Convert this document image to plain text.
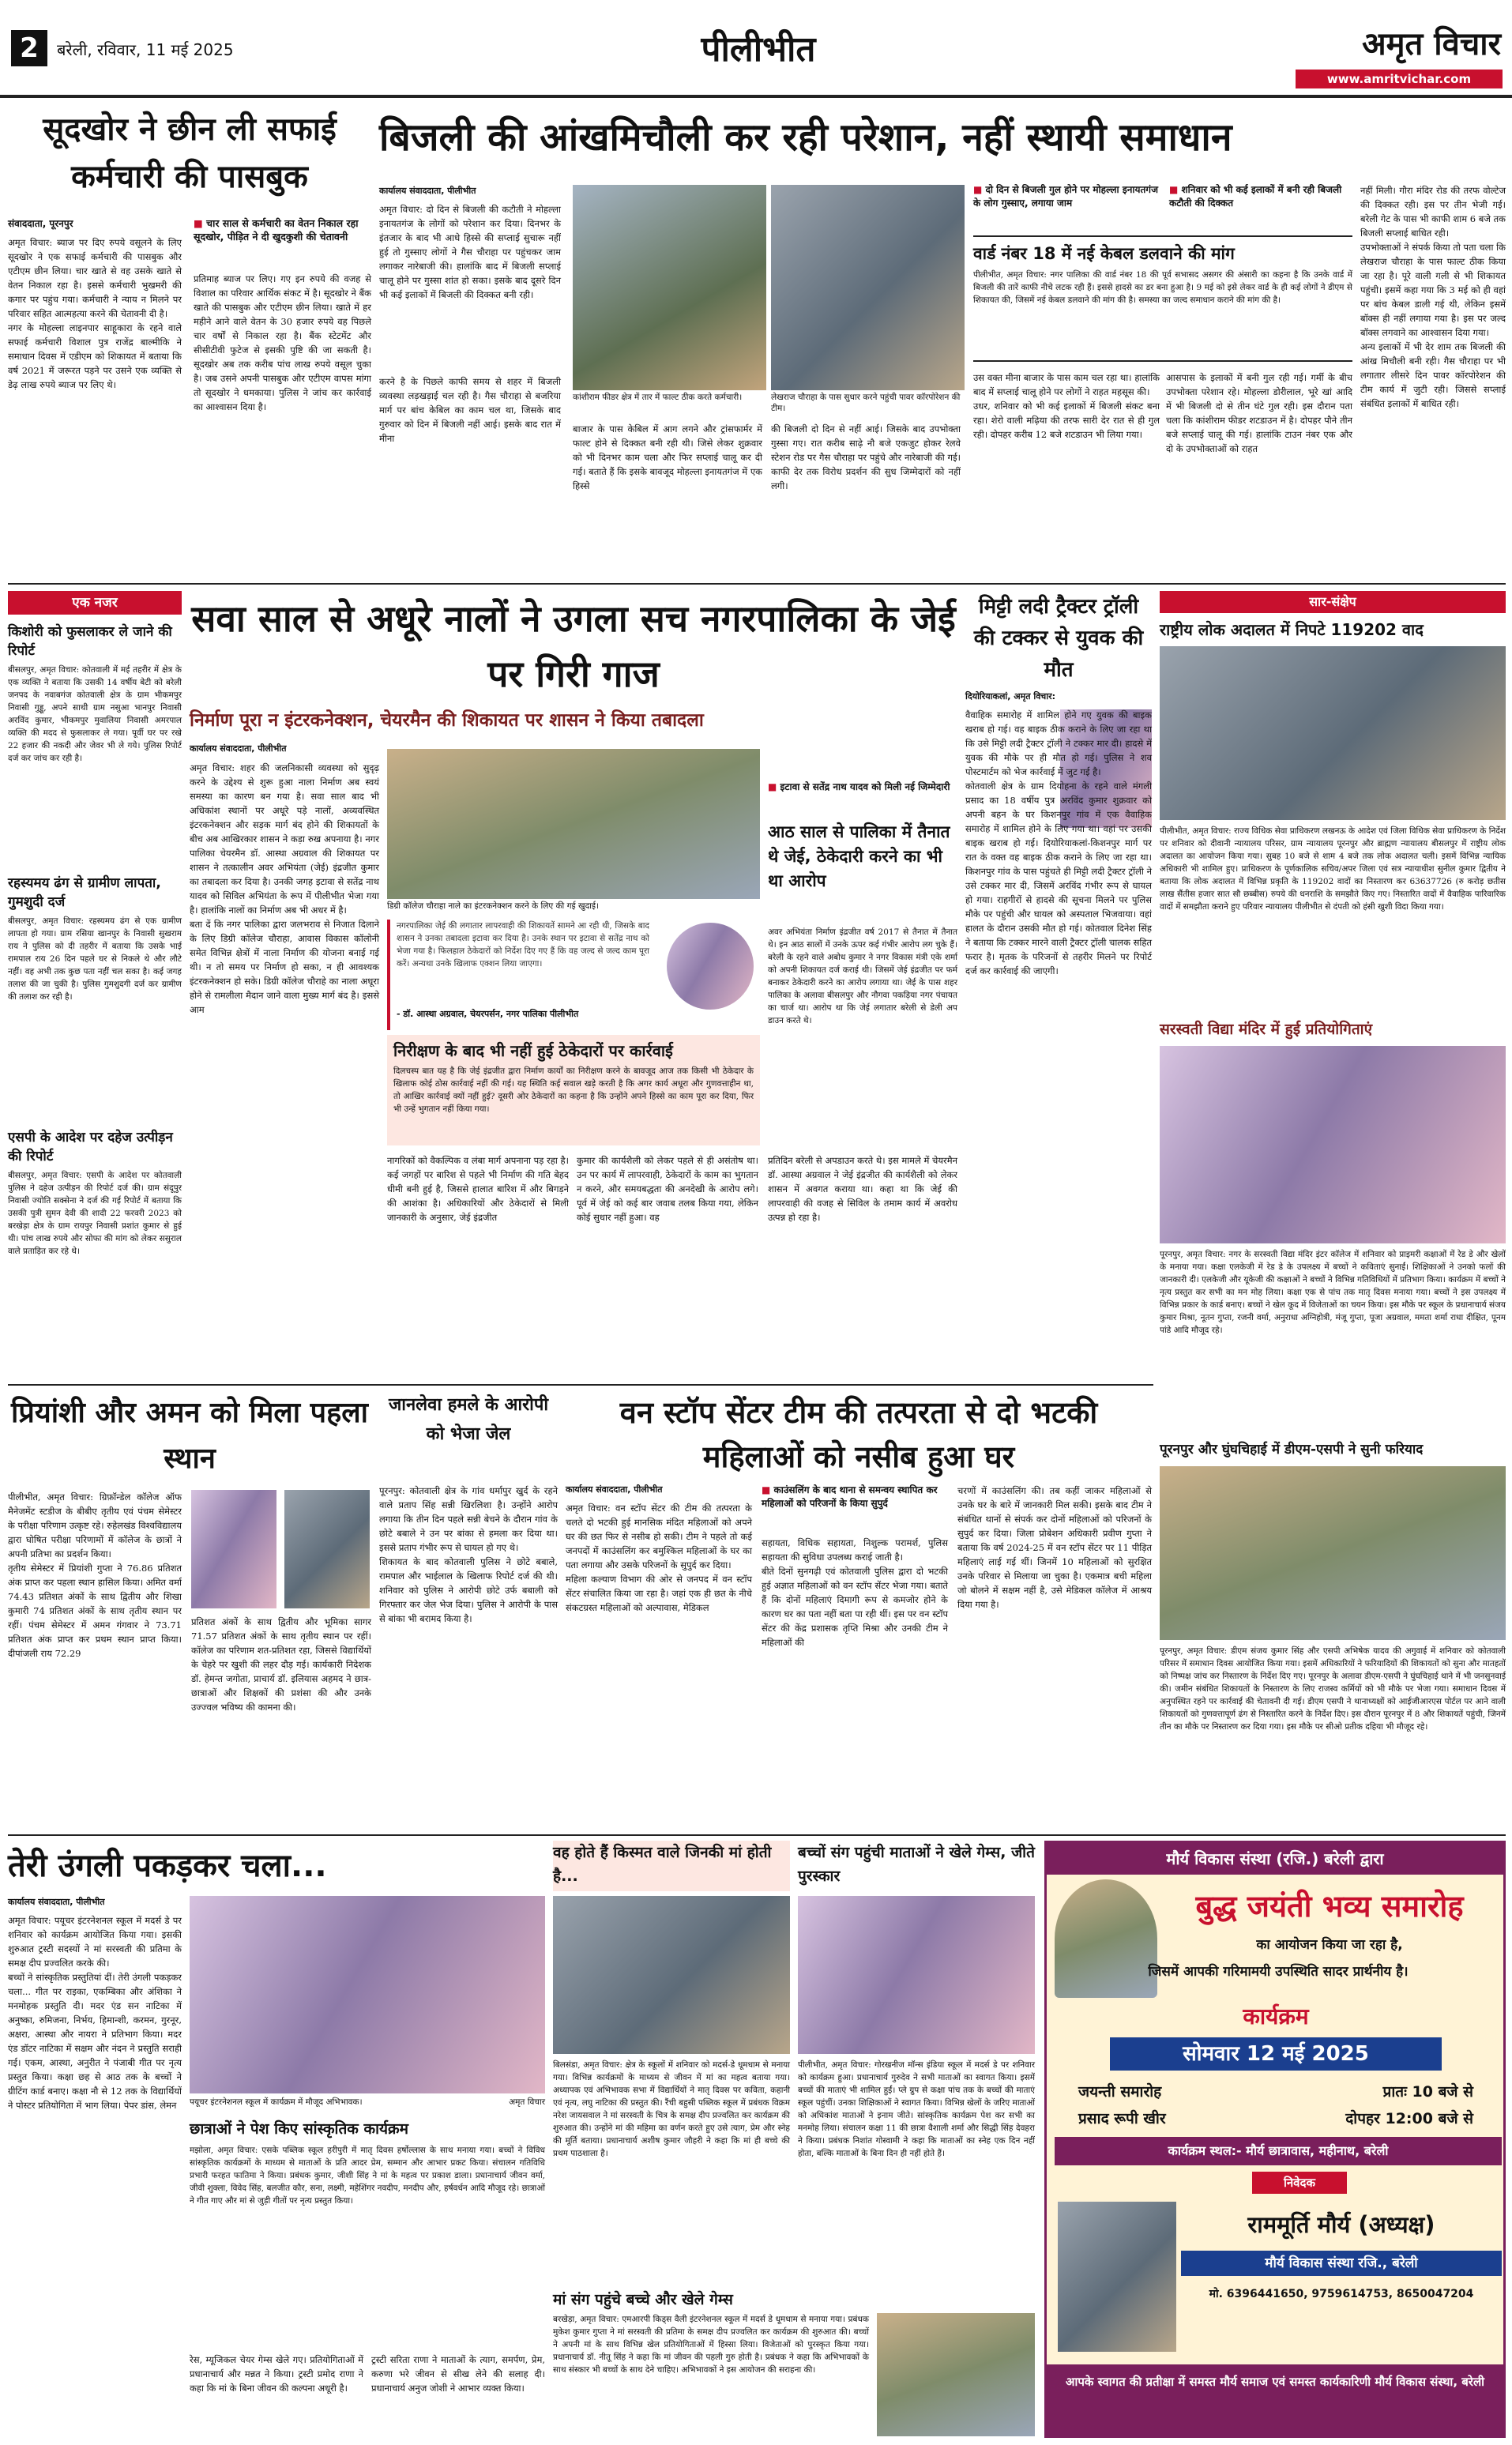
2	बरेली, रविवार, 11 मई 2025	पीलीभीत	अमृत विचार
www.amritvichar.com
सूदखोर ने छीन ली सफाई कर्मचारी की पासबुक
संवाददाता, पूरनपुर
अमृत विचार: ब्याज पर दिए रुपये वसूलने के लिए सूदखोर ने एक सफाई कर्मचारी की पासबुक और एटीएम छीन लिया। चार खाते से वह उसके खाते से वेतन निकाल रहा है। इससे कर्मचारी भुखमरी की कगार पर पहुंच गया। कर्मचारी ने न्याय न मिलने पर परिवार सहित आत्महत्या करने की चेतावनी दी है।
नगर के मोहल्ला लाइनपार साहूकारा के रहने वाले सफाई कर्मचारी विशाल पुत्र राजेंद्र बाल्मीकि ने समाधान दिवस में एडीएम को शिकायत में बताया कि वर्ष 2021 में जरूरत पड़ने पर उसने एक व्यक्ति से डेढ़ लाख रुपये ब्याज पर लिए थे।
■ चार साल से कर्मचारी का वेतन निकाल रहा सूदखोर, पीड़ित ने दी खुदकुशी की चेतावनी
प्रतिमाह ब्याज पर लिए। गए इन रुपये की वजह से विशाल का परिवार आर्थिक संकट में है। सूदखोर ने बैंक खाते की पासबुक और एटीएम छीन लिया। खाते में हर महीने आने वाले वेतन के 30 हजार रुपये वह पिछले चार वर्षों से निकाल रहा है। बैंक स्टेटमेंट और सीसीटीवी फुटेज से इसकी पुष्टि की जा सकती है। सूदखोर अब तक करीब पांच लाख रुपये वसूल चुका है। जब उसने अपनी पासबुक और एटीएम वापस मांगा तो सूदखोर ने धमकाया। पुलिस ने जांच कर कार्रवाई का आश्वासन दिया है।
बिजली की आंखमिचौली कर रही परेशान, नहीं स्थायी समाधान
कार्यालय संवाददाता, पीलीभीत
अमृत विचार: दो दिन से बिजली की कटौती ने मोहल्ला इनायतगंज के लोगों को परेशान कर दिया। दिनभर के इंतजार के बाद भी आधे हिस्से की सप्लाई सुचारू नहीं हुई तो गुस्साए लोगों ने गैस चौराहा पर पहुंचकर जाम लगाकर नारेबाजी की। हालांकि बाद में बिजली सप्लाई चालू होने पर गुस्सा शांत हो सका। इसके बाद दूसरे दिन भी कई इलाकों में बिजली की दिक्कत बनी रही।
करने है के पिछले काफी समय से शहर में बिजली व्यवस्था लड़खड़ाई चल रही है। गैस चौराहा से बजरिया मार्ग पर बांच केबिल का काम चल था, जिसके बाद गुरुवार को दिन में बिजली नहीं आई। इसके बाद रात में मीना
कांशीराम फीडर क्षेत्र में तार में फाल्ट ठीक करते कर्मचारी।	लेखराज चौराहा के पास सुधार करने पहुंची पावर कॉरपोरेशन की टीम।
बाजार के पास केबिल में आग लगने और ट्रांसफार्मर में फाल्ट होने से दिक्कत बनी रही थी। जिसे लेकर शुक्रवार को भी दिनभर काम चला और फिर सप्लाई चालू कर दी गई। बताते हैं कि इसके बावजूद मोहल्ला इनायतगंज में एक हिस्से
की बिजली दो दिन से नहीं आई। जिसके बाद उपभोक्ता गुस्सा गए। रात करीब साढ़े नौ बजे एकजुट होकर रेलवे स्टेशन रोड पर गैस चौराहा पर पहुंचे और नारेबाजी की गई। काफी देर तक विरोध प्रदर्शन की सुध जिम्मेदारों को नहीं लगी।
■ दो दिन से बिजली गुल होने पर मोहल्ला इनायतगंज के लोग गुस्साए, लगाया जाम
■ शनिवार को भी कई इलाकों में बनी रही बिजली कटौती की दिक्कत
वार्ड नंबर 18 में नई केबल डलवाने की मांग
पीलीभीत, अमृत विचार: नगर पालिका की वार्ड नंबर 18 की पूर्व सभासद असगर की अंसारी का कहना है कि उनके वार्ड में बिजली की तारें काफी नीचे लटक रही हैं। इससे हादसे का डर बना हुआ है। 9 मई को इसे लेकर वार्ड के ही कई लोगों ने डीएम से शिकायत की, जिसमें नई केबल डलवाने की मांग की है। समस्या का जल्द समाधान कराने की मांग की है।
उस वक्त मीना बाजार के पास काम चल रहा था। हालांकि बाद में सप्लाई चालू होने पर लोगों ने राहत महसूस की।
उधर, शनिवार को भी कई इलाकों में बिजली संकट बना रहा। शेरो वाली मढ़िया की तरफ सारी देर रात से ही गुल रही। दोपहर करीब 12 बजे शटडाउन भी लिया गया।
आसपास के इलाकों में बनी गुल रही गई। गर्मी के बीच उपभोक्ता परेशान रहे। मोहल्ला डोरीलाल, भूरे खां आदि में भी बिजली दो से तीन घंटे गुल रही। इस दौरान पता चला कि कांशीराम फीडर शटडाउन में है। दोपहर पौने तीन बजे सप्लाई चालू की गई। हालांकि टाउन नंबर एक और दो के उपभोक्ताओं को राहत
नहीं मिली। गौरा मंदिर रोड की तरफ वोल्टेज की दिक्कत रही। इस पर तीन भेजी गई। बरेली गेट के पास भी काफी शाम 6 बजे तक बिजली सप्लाई बाधित रही।
उपभोक्ताओं ने संपर्क किया तो पता चला कि लेखराज चौराहा के पास फाल्ट ठीक किया जा रहा है। पूरे वाली गली से भी शिकायत पहुंची। इसमें कहा गया कि 3 मई को ही वहां पर बांच केबल डाली गई थी, लेकिन इसमें बॉक्स ही नहीं लगाया गया है। इस पर जल्द बॉक्स लगवाने का आश्वासन दिया गया।
अन्य इलाकों में भी देर शाम तक बिजली की आंख मिचौली बनी रही। गैस चौराहा पर भी लगातार लीसरे दिन पावर कॉरपोरेशन की टीम कार्य में जुटी रही। जिससे सप्लाई संबंधित इलाकों में बाधित रही।
एक नजर
किशोरी को फुसलाकर ले जाने की रिपोर्ट
बीसलपुर, अमृत विचार: कोतवाली में मई तहरीर में क्षेत्र के एक व्यक्ति ने बताया कि उसकी 14 वर्षीय बेटी को बरेली जनपद के नवाबगंज कोतवाली क्षेत्र के ग्राम भीकमपुर निवासी गुड्डू, अपने साथी ग्राम नसुआ भानपुर निवासी अरविंद कुमार, भीकमपुर मुवालिया निवासी अमरपाल व्यक्ति की मदद से फुसलाकर ले गया। पूर्वी घर पर रखे 22 हजार की नकदी और जेवर भी ले गये। पुलिस रिपोर्ट दर्ज कर जांच कर रही है।
रहस्यमय ढंग से ग्रामीण लापता, गुमशुदी दर्ज
बीसलपुर, अमृत विचार: रहस्यमय ढंग से एक ग्रामीण लापता हो गया। ग्राम रसिया खानपुर के निवासी सुखराम राय ने पुलिस को दी तहरीर में बताया कि उसके भाई रामपाल राय 26 दिन पहले घर से निकले थे और लौटे नहीं। वह अभी तक कुछ पता नहीं चल सका है। कई जगह तलाश की जा चुकी है। पुलिस गुमशुदगी दर्ज कर ग्रामीण की तलाश कर रही है।
एसपी के आदेश पर दहेज उत्पीड़न की रिपोर्ट
बीसलपुर, अमृत विचार: एसपी के आदेश पर कोतवाली पुलिस ने दहेज उत्पीड़न की रिपोर्ट दर्ज की। ग्राम संदूपुर निवासी ज्योति सक्सेना ने दर्ज की गई रिपोर्ट में बताया कि उसकी पुत्री सुमन देवी की शादी 22 फरवरी 2023 को बरखेड़ा क्षेत्र के ग्राम रायपुर निवासी प्रशांत कुमार से हुई थी। पांच लाख रुपये और सोफा की मांग को लेकर ससुराल वाले प्रताड़ित कर रहे थे।
सवा साल से अधूरे नालों ने उगला सच नगरपालिका के जेई पर गिरी गाज
निर्माण पूरा न इंटरकनेक्शन, चेयरमैन की शिकायत पर शासन ने किया तबादला
कार्यालय संवाददाता, पीलीभीत
अमृत विचार: शहर की जलनिकासी व्यवस्था को सुदृढ़ करने के उद्देश्य से शुरू हुआ नाला निर्माण अब स्वयं समस्या का कारण बन गया है। सवा साल बाद भी अधिकांश स्थानों पर अधूरे पड़े नालों, अव्यवस्थित इंटरकनेक्शन और सड़क मार्ग बंद होने की शिकायतों के बीच अब आखिरकार शासन ने कड़ा रुख अपनाया है। नगर पालिका चेयरमैन डॉ. आस्था अग्रवाल की शिकायत पर शासन ने तत्कालीन अवर अभियंता (जेई) इंद्रजीत कुमार का तबादला कर दिया है। उनकी जगह इटावा से सतेंद्र नाथ यादव को सिविल अभियंता के रूप में पीलीभीत भेजा गया है। हालांकि नालों का निर्माण अब भी अधर में है।
बता दें कि नगर पालिका द्वारा जलभराव से निजात दिलाने के लिए डिग्री कॉलेज चौराहा, आवास विकास कॉलोनी समेत विभिन्न क्षेत्रों में नाला निर्माण की योजना बनाई गई थी। न तो समय पर निर्माण हो सका, न ही आवश्यक इंटरकनेक्शन हो सके। डिग्री कॉलेज चौराहे का नाला अधूरा होने से रामलीला मैदान जाने वाला मुख्य मार्ग बंद है। इससे आम
डिग्री कॉलेज चौराहा नाले का इंटरकनेक्शन करने के लिए की गई खुदाई।
नगरपालिका जेई की लगातार लापरवाही की शिकायतें सामने आ रही थी, जिसके बाद शासन ने उनका तबादला इटावा कर दिया है। उनके स्थान पर इटावा से सतेंद्र नाथ को भेजा गया है। फिलहाल ठेकेदारों को निर्देश दिए गए हैं कि वह जल्द से जल्द काम पूरा करें। अन्यथा उनके खिलाफ एक्शन लिया जाएगा।
- डॉ. आस्था अग्रवाल, चेयरपर्सन, नगर पालिका पीलीभीत
निरीक्षण के बाद भी नहीं हुई ठेकेदारों पर कार्रवाई
दिलचस्प बात यह है कि जेई इंद्रजीत द्वारा निर्माण कार्यों का निरीक्षण करने के बावजूद आज तक किसी भी ठेकेदार के खिलाफ कोई ठोस कार्रवाई नहीं की गई। यह स्थिति कई सवाल खड़े करती है कि अगर कार्य अधूरा और गुणवत्ताहीन था, तो आखिर कार्रवाई क्यों नहीं हुई? दूसरी ओर ठेकेदारों का कहना है कि उन्होंने अपने हिस्से का काम पूरा कर दिया, फिर भी उन्हें भुगतान नहीं किया गया।
नागरिकों को वैकल्पिक व लंबा मार्ग अपनाना पड़ रहा है। कई जगहों पर बारिश से पहले भी निर्माण की गति बेहद धीमी बनी हुई है, जिससे हालात बारिश में और बिगड़ने की आशंका है। अधिकारियों और ठेकेदारों से मिली जानकारी के अनुसार, जेई इंद्रजीत
कुमार की कार्यशैली को लेकर पहले से ही असंतोष था। उन पर कार्य में लापरवाही, ठेकेदारों के काम का भुगतान न करने, और समयबद्धता की अनदेखी के आरोप लगे। पूर्व में जेई को कई बार जवाब तलब किया गया, लेकिन कोई सुधार नहीं हुआ। वह
■ इटावा से सतेंद्र नाथ यादव को मिली नई जिम्मेदारी
आठ साल से पालिका में तैनात थे जेई, ठेकेदारी करने का भी था आरोप
अवर अभियंता निर्माण इंद्रजीत वर्ष 2017 से तैनात में तैनात थे। इन आठ सालों में उनके ऊपर कई गंभीर आरोप लग चुके हैं। बरेली के रहने वाले अबोध कुमार ने नगर विकास मंत्री एके शर्मा को अपनी शिकायत दर्ज कराई थी। जिसमें जेई इंद्रजीत पर फर्म बनाकर ठेकेदारी करने का आरोप लगाया था। जेई के पास शहर पालिका के अलावा बीसलपुर और नौगवा पकड़िया नगर पंचायत का चार्ज था। आरोप था कि जेई लगातार बरेली से डेली अप डाउन करते थे।
प्रतिदिन बरेली से अपडाउन करते थे। इस मामले में चेयरमैन डॉ. आस्था अग्रवाल ने जेई इंद्रजीत की कार्यशैली को लेकर शासन में अवगत कराया था। कहा था कि जेई की लापरवाही की वजह से सिविल के तमाम कार्य में अवरोध उत्पन्न हो रहा है।
मिट्टी लदी ट्रैक्टर ट्रॉली की टक्कर से युवक की मौत
दियोरियाकलां, अमृत विचार:
वैवाहिक समारोह में शामिल होने गए युवक की बाइक खराब हो गई। वह बाइक ठीक कराने के लिए जा रहा था कि उसे मिट्टी लदी ट्रैक्टर ट्रॉली ने टक्कर मार दी। हादसे में युवक की मौके पर ही मौत हो गई। पुलिस ने शव पोस्टमार्टम को भेज कार्रवाई में जुट गई है।
कोतवाली क्षेत्र के ग्राम दियोहना के रहने वाले मंगली प्रसाद का 18 वर्षीय पुत्र अरविंद कुमार शुक्रवार को अपनी बहन के घर किशनपुर गांव में एक वैवाहिक समारोह में शामिल होने के लिए गया था। वहां पर उसकी बाइक खराब हो गई। दियोरियाकलां-किशनपुर मार्ग पर रात के वक्त वह बाइक ठीक कराने के लिए जा रहा था। किशनपुर गांव के पास पहुंचते ही मिट्टी लदी ट्रैक्टर ट्रॉली ने उसे टक्कर मार दी, जिसमें अरविंद गंभीर रूप से घायल हो गया। राहगीरों से हादसे की सूचना मिलने पर पुलिस मौके पर पहुंची और घायल को अस्पताल भिजवाया। वहां हालत के दौरान उसकी मौत हो गई। कोतवाल दिनेश सिंह ने बताया कि टक्कर मारने वाली ट्रैक्टर ट्रॉली चालक सहित फरार है। मृतक के परिजनों से तहरीर मिलने पर रिपोर्ट दर्ज कर कार्रवाई की जाएगी।
सार-संक्षेप
राष्ट्रीय लोक अदालत में निपटे 119202 वाद
पीलीभीत, अमृत विचार: राज्य विधिक सेवा प्राधिकरण लखनऊ के आदेश एवं जिला विधिक सेवा प्राधिकरण के निर्देश पर शनिवार को दीवानी न्यायालय परिसर, ग्राम न्यायालय पूरनपुर और ब्राह्मण न्यायालय बीसलपुर में राष्ट्रीय लोक अदालत का आयोजन किया गया। सुबह 10 बजे से शाम 4 बजे तक लोक अदालत चली। इसमें विभिन्न न्यायिक अधिकारी भी शामिल हुए। प्राधिकरण के पूर्णकालिक सचिव/अपर जिला एवं सत्र न्यायाधीश सुनील कुमार द्वितीय ने बताया कि लोक अदालत में विभिन्न प्रकृति के 119202 वादों का निस्तारण कर 63637726 (रु करोड़ छतीस लाख सैंतीस हजार सात सौ छब्बीस) रुपये की धनराशि के समझौते किए गए। निस्तारित वादों में वैवाहिक पारिवारिक वादों में समझौता कराने हुए परिवार न्यायालय पीलीभीत से दंपती को हंसी खुशी विदा किया गया।
सरस्वती विद्या मंदिर में हुई प्रतियोगिताएं
पूरनपुर, अमृत विचार: नगर के सरस्वती विद्या मंदिर इंटर कॉलेज में शनिवार को प्राइमरी कक्षाओं में रेड डे और खेलों के मनाया गया। कक्षा एलकेजी में रेड डे के उपलक्ष्य में बच्चों ने कविताएं सुनाईं। शिक्षिकाओं ने उनको फलों की जानकारी दी। एलकेजी और यूकेजी की कक्षाओं ने बच्चों ने विभिन्न गतिविधियों में प्रतिभाग किया। कार्यक्रम में बच्चों ने नृत्य प्रस्तुत कर सभी का मन मोह लिया। कक्षा एक से पांच तक मातृ दिवस मनाया गया। बच्चों ने इस उपलक्ष्य में विभिन्न प्रकार के कार्ड बनाए। बच्चों ने खेल कूद में विजेताओं का चयन किया। इस मौके पर स्कूल के प्रधानाचार्य संजय कुमार मिश्रा, नूतन गुप्ता, रजनी वर्मा, अनुराधा अग्निहोत्री, मंजू गुप्ता, पूजा अग्रवाल, ममता शर्मा राधा दीक्षित, पूनम पांडे आदि मौजूद रहे।
पूरनपुर और घुंघचिहाई में डीएम-एसपी ने सुनी फरियाद
पूरनपुर, अमृत विचार: डीएम संजय कुमार सिंह और एसपी अभिषेक यादव की अगुवाई में शनिवार को कोतवाली परिसर में समाधान दिवस आयोजित किया गया। इसमें अधिकारियों ने फरियादियों की शिकायतों को सुना और मातहतों को निष्पक्ष जांच कर निस्तारण के निर्देश दिए गए। पूरनपुर के अलावा डीएम-एसपी ने घुंघचिहाई थाने में भी जनसुनवाई की। जमीन संबंधित शिकायतों के निस्तारण के लिए राजस्व कर्मियों को भी मौके पर भेजा गया। समाधान दिवस में अनुपस्थित रहने पर कार्रवाई की चेतावनी दी गई। डीएम एसपी ने थानाध्यक्षों को आईजीआरएस पोर्टल पर आने वाली शिकायतों को गुणवत्तापूर्ण ढंग से निस्तारित करने के निर्देश दिए। इस दौरान पूरनपुर में 8 और शिकायतें पहुंची, जिनमें तीन का मौके पर निस्तारण कर दिया गया। इस मौके पर सीओ प्रतीक दहिया भी मौजूद रहे।
प्रियांशी और अमन को मिला पहला स्थान
पीलीभीत, अमृत विचार: ग्रिफ़ॉन्डेल कॉलेज ऑफ मैनेजमेंट स्टडीज के बीबीए तृतीय एवं पंचम सेमेस्टर के परीक्षा परिणाम उत्कृष्ट रहे। रुहेलखंड विश्वविद्यालय द्वारा घोषित परीक्षा परिणामों में कॉलेज के छात्रों ने अपनी प्रतिभा का प्रदर्शन किया।
तृतीय सेमेस्टर में प्रियांशी गुप्ता ने 76.86 प्रतिशत अंक प्राप्त कर पहला स्थान हासिल किया। अमित वर्मा 74.43 प्रतिशत अंकों के साथ द्वितीय और शिखा कुमारी 74 प्रतिशत अंकों के साथ तृतीय स्थान पर रहीं। पंचम सेमेस्टर में अमन गंगवार ने 73.71 प्रतिशत अंक प्राप्त कर प्रथम स्थान प्राप्त किया। दीपांजली राय 72.29
प्रतिशत अंकों के साथ द्वितीय और भूमिका सागर 71.57 प्रतिशत अंकों के साथ तृतीय स्थान पर रहीं। कॉलेज का परिणाम शत-प्रतिशत रहा, जिससे विद्यार्थियों के चेहरे पर खुशी की लहर दौड़ गई। कार्यकारी निदेशक डॉ. हेमन्त जगोता, प्राचार्य डॉ. इलियास अहमद ने छात्र-छात्राओं और शिक्षकों की प्रशंसा की और उनके उज्ज्वल भविष्य की कामना की।
जानलेवा हमले के आरोपी को भेजा जेल
पूरनपुर: कोतवाली क्षेत्र के गांव धर्मापुर खुर्द के रहने वाले प्रताप सिंह सन्नी खिरलिशा है। उन्होंने आरोप लगाया कि तीन दिन पहले सन्नी बेचने के दौरान गांव के छोटे बबाले ने उन पर बांका से हमला कर दिया था। इससे प्रताप गंभीर रूप से घायल हो गए थे।
शिकायत के बाद कोतवाली पुलिस ने छोटे बबाले, रामपाल और भाईलाल के खिलाफ रिपोर्ट दर्ज की थी। शनिवार को पुलिस ने आरोपी छोटे उर्फ बबाली को गिरफ्तार कर जेल भेज दिया। पुलिस ने आरोपी के पास से बांका भी बरामद किया है।
वन स्टॉप सेंटर टीम की तत्परता से दो भटकी महिलाओं को नसीब हुआ घर
कार्यालय संवाददाता, पीलीभीत
अमृत विचार: वन स्टॉप सेंटर की टीम की तत्परता के चलते दो भटकी हुई मानसिक मंदित महिलाओं को अपने घर की छत फिर से नसीब हो सकी। टीम ने पहले तो कई जनपदों में काउंसलिंग कर बमुश्किल महिलाओं के घर का पता लगाया और उसके परिजनों के सुपुर्द कर दिया।
महिला कल्याण विभाग की ओर से जनपद में वन स्टॉप सेंटर संचालित किया जा रहा है। जहां एक ही छत के नीचे संकटग्रस्त महिलाओं को अल्पावास, मेडिकल
■ काउंसलिंग के बाद थाना से समन्वय स्थापित कर महिलाओं को परिजनों के किया सुपुर्द
सहायता, विधिक सहायता, निशुल्क परामर्श, पुलिस सहायता की सुविधा उपलब्ध कराई जाती है।
बीते दिनों सुनगढ़ी एवं कोतवाली पुलिस द्वारा दो भटकी हुई अज्ञात महिलाओं को वन स्टॉप सेंटर भेजा गया। बताते हैं कि दोनों महिलाएं दिमागी रूप से कमजोर होने के कारण घर का पता नहीं बता पा रही थीं। इस पर वन स्टॉप सेंटर की केंद्र प्रशासक तृप्ति मिश्रा और उनकी टीम ने महिलाओं की
चरणों में काउंसलिंग की। तब कहीं जाकर महिलाओं से उनके घर के बारे में जानकारी मिल सकी। इसके बाद टीम ने संबंधित थानों से संपर्क कर दोनों महिलाओं को परिजनों के सुपुर्द कर दिया। जिला प्रोबेशन अधिकारी प्रवीण गुप्ता ने बताया कि वर्ष 2024-25 में वन स्टॉप सेंटर पर 11 पीड़ित महिलाएं लाई गई थीं। जिनमें 10 महिलाओं को सुरक्षित उनके परिवार से मिलाया जा चुका है। एकमात्र बची महिला जो बोलने में सक्षम नहीं है, उसे मेडिकल कॉलेज में आश्रय दिया गया है।
तेरी उंगली पकड़कर चला...
कार्यालय संवाददाता, पीलीभीत
अमृत विचार: पयूचर इंटरनेशनल स्कूल में मदर्स डे पर शनिवार को कार्यक्रम आयोजित किया गया। इसकी शुरुआत ट्रस्टी सदस्यों ने मां सरस्वती की प्रतिमा के समक्ष दीप प्रज्वलित करके की।
बच्चों ने सांस्कृतिक प्रस्तुतियां दीं। तेरी उंगली पकड़कर चला... गीत पर राइका, एकम्बिका और अंशिका ने मनमोहक प्रस्तुति दी। मदर एंड सन नाटिका में अनुष्का, रुमिजना, निर्भय, हिमान्शी, करमन, गुरनूर, अक्षरा, आस्था और नायरा ने प्रतिभाग किया। मदर एंड डॉटर नाटिका में सक्षम और नंदन ने प्रस्तुति सराही गई। एकम, आस्था, अनुरीत ने पंजाबी गीत पर नृत्य प्रस्तुत किया। कक्षा छह से आठ तक के बच्चों ने ग्रीटिंग कार्ड बनाए। कक्षा नौ से 12 तक के विद्यार्थियों ने पोस्टर प्रतियोगिता में भाग लिया। पेपर डांस, लेमन	पयूचर इंटरनेशनल स्कूल में कार्यक्रम में मौजूद अभिभावक।	अमृत विचार
रेस, म्यूजिकल चेयर गेम्स खेले गए। प्रतियोगिताओं में प्रधानाचार्य और मन्नत ने किया। ट्रस्टी प्रमोद राणा ने कहा कि मां के बिना जीवन की कल्पना अधूरी है।
ट्रस्टी सरिता राणा ने माताओं के त्याग, समर्पण, प्रेम, करुणा भरे जीवन से सीख लेने की सलाह दी। प्रधानाचार्य अनुज जोशी ने आभार व्यक्त किया।
छात्राओं ने पेश किए सांस्कृतिक कार्यक्रम
मझोला, अमृत विचार: एसके पब्लिक स्कूल हरीपुरी में मातृ दिवस हर्षोल्लास के साथ मनाया गया। बच्चों ने विविध सांस्कृतिक कार्यक्रमों के माध्यम से माताओं के प्रति आदर प्रेम, सम्मान और आभार प्रकट किया। संचालन गतिविधि प्रभारी फरहत फातिमा ने किया। प्रबंधक कुमार, जीशी सिंह ने मां के महत्व पर प्रकाश डाला। प्रधानाचार्य जीवन वर्मा, जीवी शुक्ला, विवेद सिंह, बलजीत कौर, सना, लक्ष्मी, महेशिंगर नवदीप, मनदीप और, हर्षवर्धन आदि मौजूद रहे। छात्राओं ने गीत गाए और मां से जुड़ी गीतों पर नृत्य प्रस्तुत किया।
वह होते हैं किस्मत वाले जिनकी मां होती है...
बिलसंडा, अमृत विचार: क्षेत्र के स्कूलों में शनिवार को मदर्स-डे धूमधाम से मनाया गया। विभिन्न कार्यक्रमों के माध्यम से जीवन में मां का महत्व बताया गया। अध्यापक एवं अभिभावक सभा में विद्यार्थियों ने मातृ दिवस पर कविता, कहानी एवं नृत्य, लघु नाटिका की प्रस्तुत की। रैंची बहुसी पब्लिक स्कूल में प्रबंधक विक्रम नरेश जायसवाल ने मां सरस्वती के चित्र के समक्ष दीप प्रज्वलित कर कार्यक्रम की शुरुआत की। उन्होंने मां की महिमा का वर्णन करते हुए उसे त्याग, प्रेम और स्नेह की मूर्ति बताया। प्रधानाचार्य अशीष कुमार जौहरी ने कहा कि मां ही बच्चे की प्रथम पाठशाला है।
बच्चों संग पहुंची माताओं ने खेले गेम्स, जीते पुरस्कार
पीलीभीत, अमृत विचार: गोरखनीज मॉन्स इंडिया स्कूल में मदर्स डे पर शनिवार को कार्यक्रम हुआ। प्रधानाचार्य गुरुदेव ने सभी माताओं का स्वागत किया। इसमें बच्चों की माताएं भी शामिल हुईं। प्ले ग्रुप से कक्षा पांच तक के बच्चों की माताएं स्कूल पहुंचीं। उनका शिक्षिकाओं ने स्वागत किया। विभिन्न खेलों के जरिए माताओं को अधिकांश माताओं ने इनाम जीते। सांस्कृतिक कार्यक्रम पेश कर सभी का मनमोह लिया। संचालन कक्षा 11 की छात्रा वैशाली शर्मा और सिद्धी सिंह देवहरा ने किया। प्रबंधक निशांत गोस्वामी ने कहा कि माताओं का स्नेह एक दिन नहीं होता, बल्कि माताओं के बिना दिन ही नहीं होते हैं।
मां संग पहुंचे बच्चे और खेले गेम्स
बरखेड़ा, अमृत विचार: एमआरपी किड्स वैली इंटरनेशनल स्कूल में मदर्स डे धूमधाम से मनाया गया। प्रबंधक मुकेश कुमार गुप्ता ने मां सरस्वती की प्रतिमा के समक्ष दीप प्रज्वलित कर कार्यक्रम की शुरुआत की। बच्चों ने अपनी मां के साथ विभिन्न खेल प्रतियोगिताओं में हिस्सा लिया। विजेताओं को पुरस्कृत किया गया। प्रधानाचार्य डॉ. नीतू सिंह ने कहा कि मां जीवन की पहली गुरु होती है। प्रबंधक ने कहा कि अभिभावकों के साथ संस्कार भी बच्चों के साथ देने चाहिए। अभिभावकों ने इस आयोजन की सराहना की।
मौर्य विकास संस्था (रजि.) बरेली द्वारा
बुद्ध जयंती भव्य समारोह
का आयोजन किया जा रहा है,
जिसमें आपकी गरिमामयी उपस्थिति सादर प्रार्थनीय है।
कार्यक्रम
सोमवार 12 मई 2025
जयन्ती समारोह	प्रातः 10 बजे से
प्रसाद रूपी खीर	दोपहर 12:00 बजे से
कार्यक्रम स्थल:- मौर्य छात्रावास, महीनाथ, बरेली
निवेदक
राममूर्ति मौर्य (अध्यक्ष)
मौर्य विकास संस्था रजि., बरेली
मो. 6396441650, 9759614753, 8650047204
आपके स्वागत की प्रतीक्षा में समस्त मौर्य समाज एवं समस्त कार्यकारिणी मौर्य विकास संस्था, बरेली
